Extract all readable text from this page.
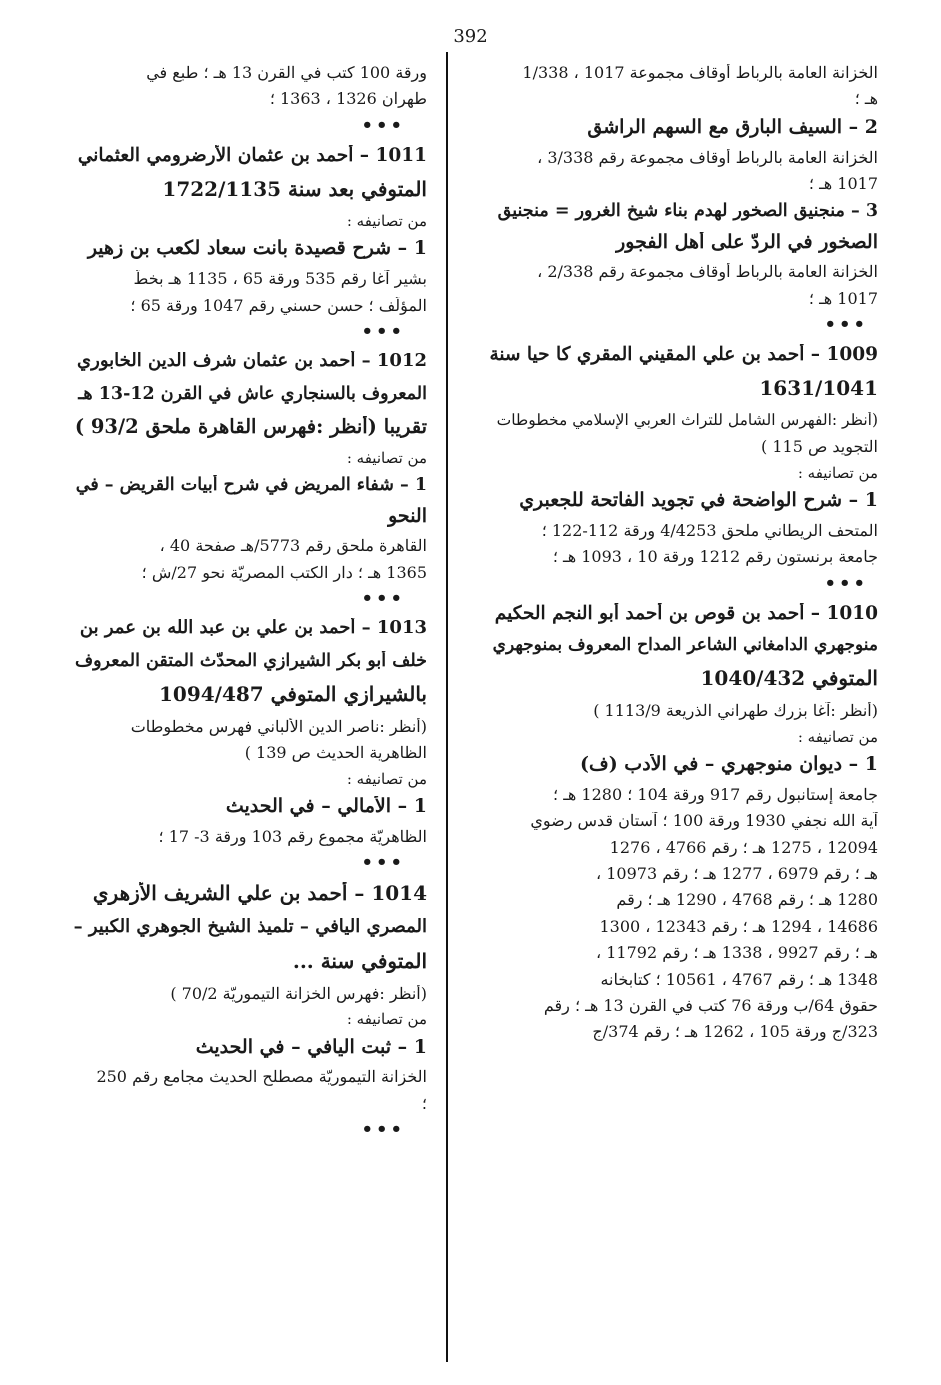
392
الخزانة العامة بالرباط أوقاف مجموعة 1017 ، 1/338
هـ ؛
2 – السيف البارق مع السهم الراشق
الخزانة العامة بالرباط أوقاف مجموعة رقم 3/338 ،
1017 هـ ؛
3 – منجنيق الصخور لهدم بناء شيخ الغرور = منجنيق
الصخور في الردّ على أهل الفجور
الخزانة العامة بالرباط أوقاف مجموعة رقم 2/338 ،
1017 هـ ؛
•••
1009 – أحمد بن علي المقيني المقري كا حيا سنة
1631/1041
(أنظر :الفهرس الشامل للتراث العربي الإسلامي مخطوطات
التجويد ص 115 )
من تصانيفه :
1 – شرح الواضحة في تجويد الفاتحة للجعبري
المتحف الريطاني ملحق 4/4253 ورقة 112-122 ؛
جامعة برنستون رقم 1212 ورقة 10 ، 1093 هـ ؛
•••
1010 – أحمد بن قوص بن أحمد أبو النجم الحكيم
منوجهري الدامغاني الشاعر المداح المعروف بمنوجهري
المتوفي 1040/432
(أنظر :آغا بزرك طهراني الذريعة 1113/9 )
من تصانيفه :
1 – ديوان منوجهري – في الأدب (ف)
جامعة إستانبول رقم 917 ورقة 104 ؛ 1280 هـ ؛
آية الله نجفي 1930 ورقة 100 ؛ آستان قدس رضوي
12094 ، 1275 هـ ؛ رقم 4766 ، 1276
هـ ؛ رقم 6979 ، 1277 هـ ؛ رقم 10973 ،
1280 هـ ؛ رقم 4768 ، 1290 هـ ؛ رقم
14686 ، 1294 هـ ؛ رقم 12343 ، 1300
هـ ؛ رقم 9927 ، 1338 هـ ؛ رقم 11792 ،
1348 هـ ؛ رقم 4767 ، 10561 ؛ كتابخانه
حقوق 64/ب ورقة 76 كتب في القرن 13 هـ ؛ رقم
323/ج ورقة 105 ، 1262 هـ ؛ رقم 374/ج
ورقة 100 كتب في القرن 13 هـ ؛ طبع في
طهران 1326 ، 1363 ؛
•••
1011 – أحمد بن عثمان الأرضرومي العثماني
المتوفي بعد سنة 1722/1135
من تصانيفه :
1 – شرح قصيدة بانت سعاد لكعب بن زهير
بشير آغا رقم 535 ورقة 65 ، 1135 هـ بخطّ
المؤلّف ؛ حسن حسني رقم 1047 ورقة 65 ؛
•••
1012 – أحمد بن عثمان شرف الدين الخابوري
المعروف بالسنجاري عاش في القرن 12-13 هـ
تقريبا (أنظر :فهرس القاهرة ملحق 93/2 )
من تصانيفه :
1 – شفاء المريض في شرح أبيات القريض – في
النحو
القاهرة ملحق رقم 5773/هـ صفحة 40 ،
1365 هـ ؛ دار الكتب المصريّة نحو 27/ش ؛
•••
1013 – أحمد بن علي بن عبد الله بن عمر بن
خلف أبو بكر الشيرازي المحدّث المتقن المعروف
بالشيرازي المتوفي 1094/487
(أنظر :ناصر الدين الألباني فهرس مخطوطات
الظاهرية الحديث ص 139 )
من تصانيفه :
1 – الأمالي – في الحديث
الظاهريّة مجموع رقم 103 ورقة 3- 17 ؛
•••
1014 – أحمد بن علي الشريف الأزهري
المصري اليافي – تلميذ الشيخ الجوهري الكبير –
المتوفي سنة ...
(أنظر :فهرس الخزانة التيموريّة 70/2 )
من تصانيفه :
1 – ثبت اليافي – في الحديث
الخزانة التيموريّة مصطلح الحديث مجامع رقم 250
؛
•••
